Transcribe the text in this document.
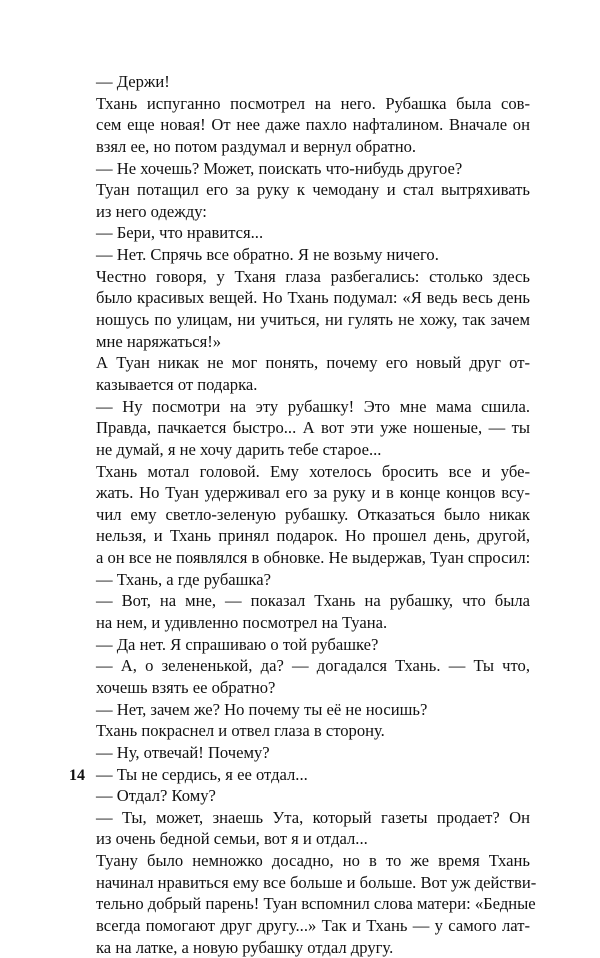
— Держи!
Тхань испуганно посмотрел на него. Рубашка была сов-
сем еще новая! От нее даже пахло нафталином. Вначале он
взял ее, но потом раздумал и вернул обратно.
— Не хочешь? Может, поискать что-нибудь другое?
Туан потащил его за руку к чемодану и стал вытряхивать
из него одежду:
— Бери, что нравится...
— Нет. Спрячь все обратно. Я не возьму ничего.
Честно говоря, у Тханя глаза разбегались: столько здесь
было красивых вещей. Но Тхань подумал: «Я ведь весь день
ношусь по улицам, ни учиться, ни гулять не хожу, так зачем
мне наряжаться!»
А Туан никак не мог понять, почему его новый друг от-
казывается от подарка.
— Ну посмотри на эту рубашку! Это мне мама сшила.
Правда, пачкается быстро... А вот эти уже ношеные, — ты
не думай, я не хочу дарить тебе старое...
Тхань мотал головой. Ему хотелось бросить все и убе-
жать. Но Туан удерживал его за руку и в конце концов всу-
чил ему светло-зеленую рубашку. Отказаться было никак
нельзя, и Тхань принял подарок. Но прошел день, другой,
а он все не появлялся в обновке. Не выдержав, Туан спросил:
— Тхань, а где рубашка?
— Вот, на мне, — показал Тхань на рубашку, что была
на нем, и удивленно посмотрел на Туана.
— Да нет. Я спрашиваю о той рубашке?
— А, о зелененькой, да? — догадался Тхань. — Ты что,
хочешь взять ее обратно?
— Нет, зачем же? Но почему ты её не носишь?
Тхань покраснел и отвел глаза в сторону.
— Ну, отвечай! Почему?
— Ты не сердись, я ее отдал...
— Отдал? Кому?
— Ты, может, знаешь Ута, который газеты продает? Он
из очень бедной семьи, вот я и отдал...
Туану было немножко досадно, но в то же время Тхань
начинал нравиться ему все больше и больше. Вот уж действи-
тельно добрый парень! Туан вспомнил слова матери: «Бедные
всегда помогают друг другу...» Так и Тхань — у самого лат-
ка на латке, а новую рубашку отдал другу.
14
